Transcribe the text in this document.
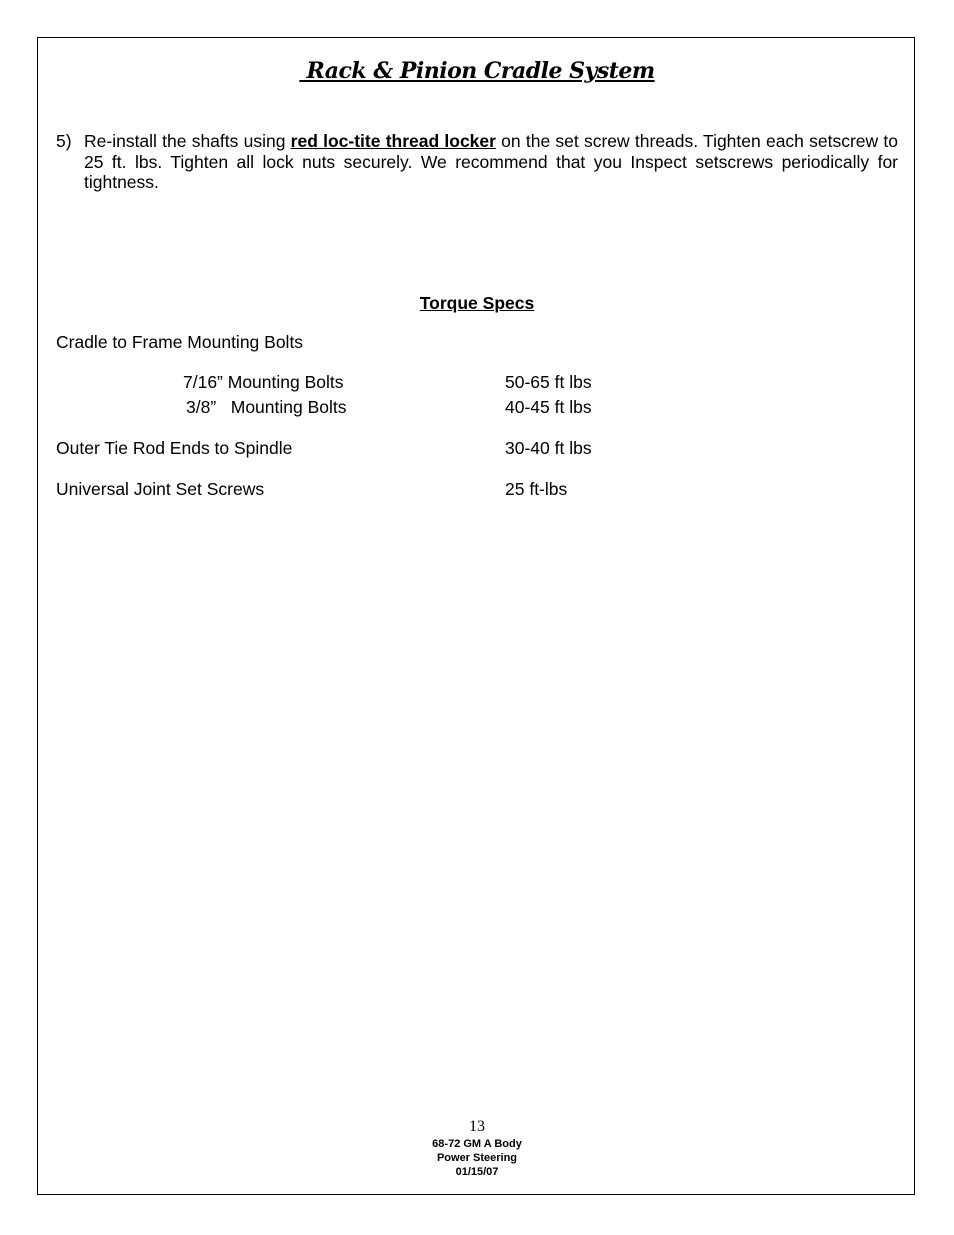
Rack & Pinion Cradle System
5) Re-install the shafts using red loc-tite thread locker on the set screw threads. Tighten each setscrew to 25 ft. lbs. Tighten all lock nuts securely. We recommend that you Inspect setscrews periodically for tightness.
Torque Specs
Cradle to Frame Mounting Bolts
7/16” Mounting Bolts	50-65 ft lbs
3/8”   Mounting Bolts	40-45 ft lbs
Outer Tie Rod Ends to Spindle	30-40 ft lbs
Universal Joint Set Screws	25 ft-lbs
13
68-72 GM A Body
Power Steering
01/15/07
